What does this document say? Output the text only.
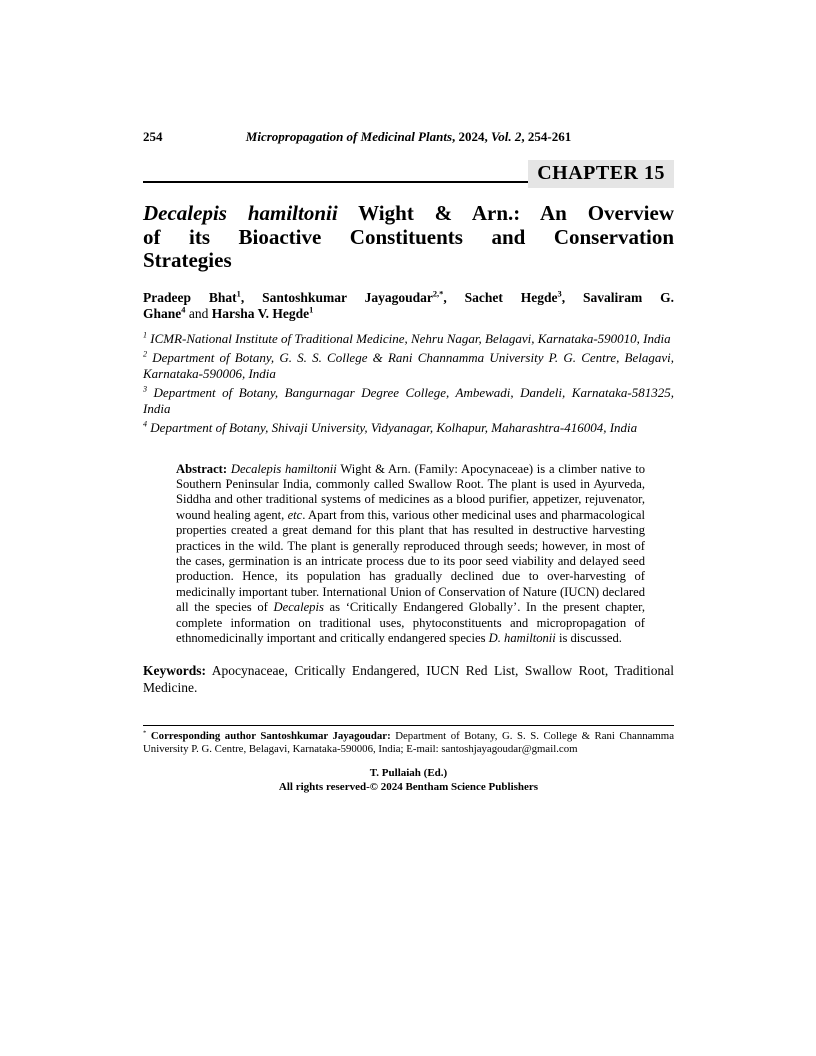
254	Micropropagation of Medicinal Plants, 2024, Vol. 2, 254-261
CHAPTER 15
Decalepis hamiltonii Wight & Arn.: An Overview
of its Bioactive Constituents and Conservation
Strategies
Pradeep Bhat$^1$, Santoshkumar Jayagoudar$^{2,*}$, Sachet Hegde$^3$, Savaliram G.
Ghane$^4$ and Harsha V. Hegde$^1$

$^1$ ICMR-National Institute of Traditional Medicine, Nehru Nagar, Belagavi, Karnataka-590010, India

$^2$ Department of Botany, G. S. S. College & Rani Channamma University P. G. Centre, Belagavi, Karnataka-590006, India

$^3$ Department of Botany, Bangurnagar Degree College, Ambewadi, Dandeli, Karnataka-581325, India

$^4$ Department of Botany, Shivaji University, Vidyanagar, Kolhapur, Maharashtra-416004, India

Abstract: Decalepis hamiltonii Wight & Arn. (Family: Apocynaceae) is a climber native to Southern Peninsular India, commonly called Swallow Root. The plant is used in Ayurveda, Siddha and other traditional systems of medicines as a blood purifier, appetizer, rejuvenator, wound healing agent, etc. Apart from this, various other medicinal uses and pharmacological properties created a great demand for this plant that has resulted in destructive harvesting practices in the wild. The plant is generally reproduced through seeds; however, in most of the cases, germination is an intricate process due to its poor seed viability and delayed seed production. Hence, its population has gradually declined due to over-harvesting of medicinally important tuber. International Union of Conservation of Nature (IUCN) declared all the species of Decalepis as ‘Critically Endangered Globally’. In the present chapter, complete information on traditional uses, phytoconstituents and micropropagation of ethnomedicinally important and critically endangered species D. hamiltonii is discussed.

Keywords: Apocynaceae, Critically Endangered, IUCN Red List, Swallow Root, Traditional Medicine.

* Corresponding author Santoshkumar Jayagoudar: Department of Botany, G. S. S. College & Rani Channamma University P. G. Centre, Belagavi, Karnataka-590006, India; E-mail: santoshjayagoudar@gmail.com

T. Pullaiah (Ed.)
All rights reserved-© 2024 Bentham Science Publishers
